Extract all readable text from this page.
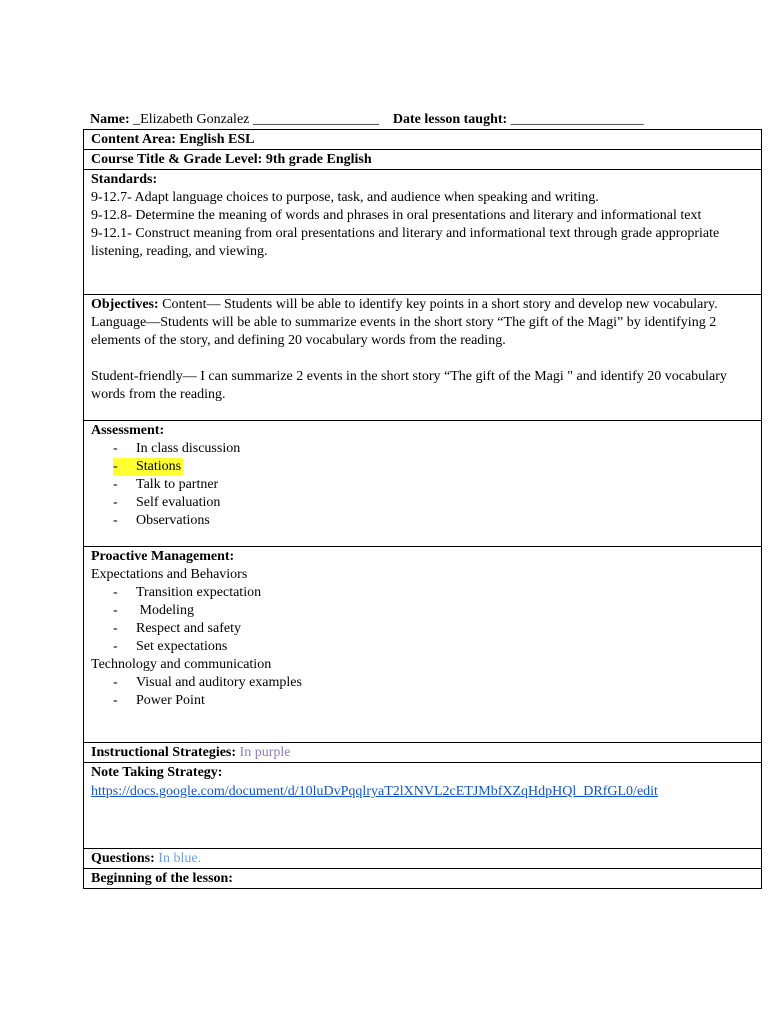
Name: _Elizabeth Gonzalez __________________ Date lesson taught: ___________________
Content Area: English ESL
Course Title & Grade Level: 9th grade English

Standards:
9-12.7- Adapt language choices to purpose, task, and audience when speaking and writing.
9-12.8- Determine the meaning of words and phrases in oral presentations and literary and informational text
9-12.1- Construct meaning from oral presentations and literary and informational text through grade appropriate listening, reading, and viewing.

Objectives: Content— Students will be able to identify key points in a short story and develop new vocabulary.
Language—Students will be able to summarize events in the short story “The gift of the Magi” by identifying 2 elements of the story, and defining 20 vocabulary words from the reading.
Student-friendly— I can summarize 2 events in the short story “The gift of the Magi " and identify 20 vocabulary words from the reading.

Assessment:
- In class discussion
- Stations
- Talk to partner
- Self evaluation
- Observations

Proactive Management:
Expectations and Behaviors
- Transition expectation
- Modeling
- Respect and safety
- Set expectations
Technology and communication
- Visual and auditory examples
- Power Point

Instructional Strategies: In purple

Note Taking Strategy:
https://docs.google.com/document/d/10luDvPqqlryaT2lXNVL2cETJMbfXZqHdpHQl_DRfGL0/edit

Questions: In blue.
Beginning of the lesson:
